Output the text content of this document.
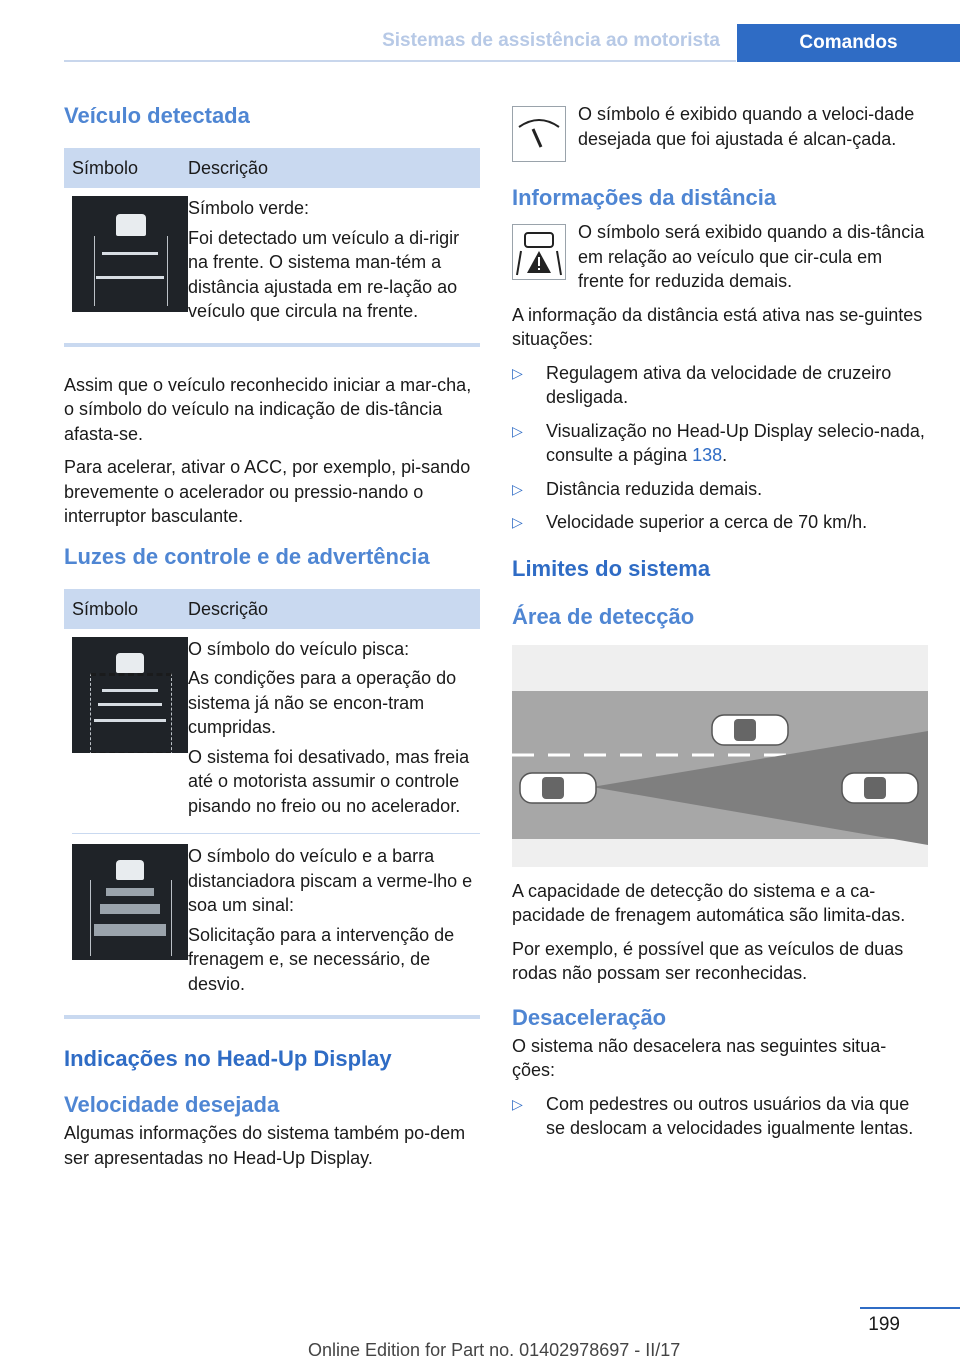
Sistemas de assistência ao motorista	Comandos
Veículo detectada
Símbolo	Descrição

Símbolo verde:

Foi detectado um veículo a di-rigir na frente. O sistema man-tém a distância ajustada em re-lação ao veículo que circula na frente.

Assim que o veículo reconhecido iniciar a mar-cha, o símbolo do veículo na indicação de dis-tância afasta-se.

Para acelerar, ativar o ACC, por exemplo, pi-sando brevemente o acelerador ou pressio-nando o interruptor basculante.

Luzes de controle e de advertência
Símbolo	Descrição

O símbolo do veículo pisca:

As condições para a operação do sistema já não se encon-tram cumpridas.

O sistema foi desativado, mas freia até o motorista assumir o controle pisando no freio ou no acelerador.

O símbolo do veículo e a barra distanciadora piscam a verme-lho e soa um sinal:

Solicitação para a intervenção de frenagem e, se necessário, de desvio.

Indicações no Head-Up Display
Velocidade desejada

Algumas informações do sistema também po-dem ser apresentadas no Head-Up Display.

O símbolo é exibido quando a veloci-dade desejada que foi ajustada é alcan-çada.

Informações da distância

O símbolo será exibido quando a dis-tância em relação ao veículo que cir-cula em frente for reduzida demais.

A informação da distância está ativa nas se-guintes situações:

▷ Regulagem ativa da velocidade de cruzeiro desligada.
▷ Visualização no Head-Up Display selecio-nada, consulte a página 138.
▷ Distância reduzida demais.
▷ Velocidade superior a cerca de 70 km/h.
Limites do sistema
Área de detecção

A capacidade de detecção do sistema e a ca-pacidade de frenagem automática são limita-das.

Por exemplo, é possível que as veículos de duas rodas não possam ser reconhecidas.

Desaceleração

O sistema não desacelera nas seguintes situa-ções:

▷ Com pedestres ou outros usuários da via que se deslocam a velocidades igualmente lentas.
199
Online Edition for Part no. 01402978697 - II/17
